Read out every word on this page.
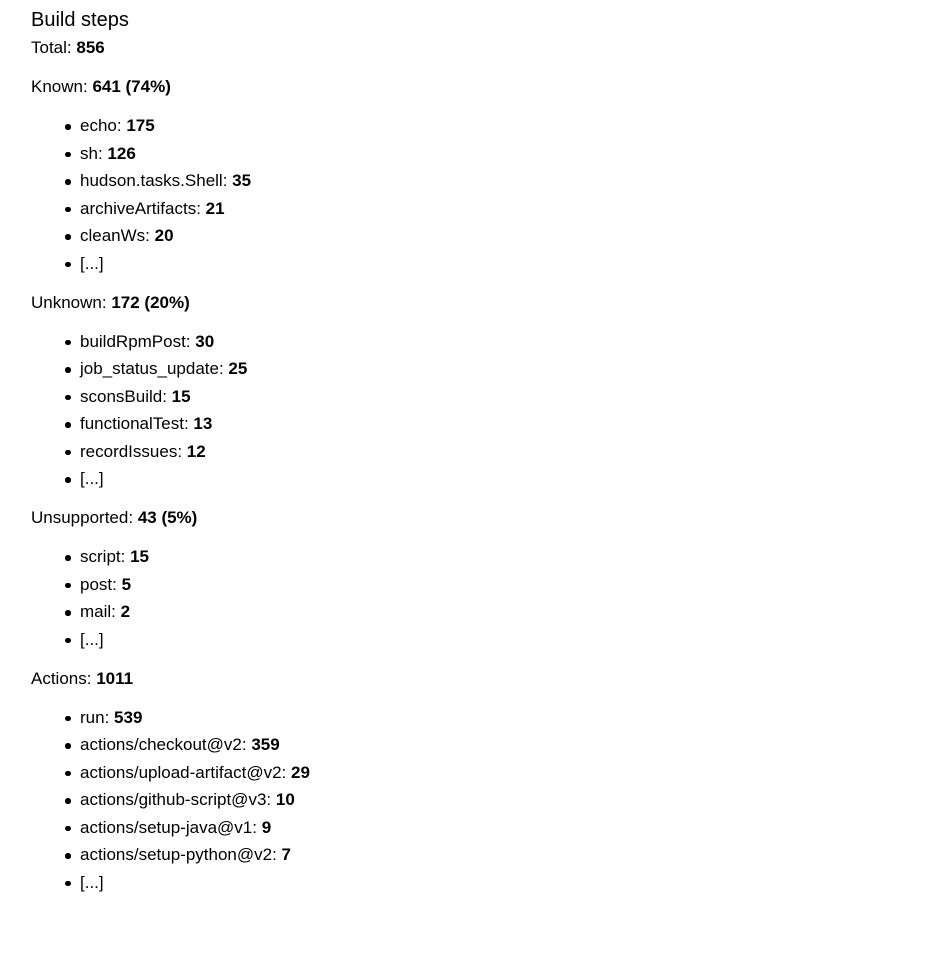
Build steps
Total: 856
Known: 641 (74%)
echo: 175
sh: 126
hudson.tasks.Shell: 35
archiveArtifacts: 21
cleanWs: 20
[...]
Unknown: 172 (20%)
buildRpmPost: 30
job_status_update: 25
sconsBuild: 15
functionalTest: 13
recordIssues: 12
[...]
Unsupported: 43 (5%)
script: 15
post: 5
mail: 2
[...]
Actions: 1011
run: 539
actions/checkout@v2: 359
actions/upload-artifact@v2: 29
actions/github-script@v3: 10
actions/setup-java@v1: 9
actions/setup-python@v2: 7
[...]
